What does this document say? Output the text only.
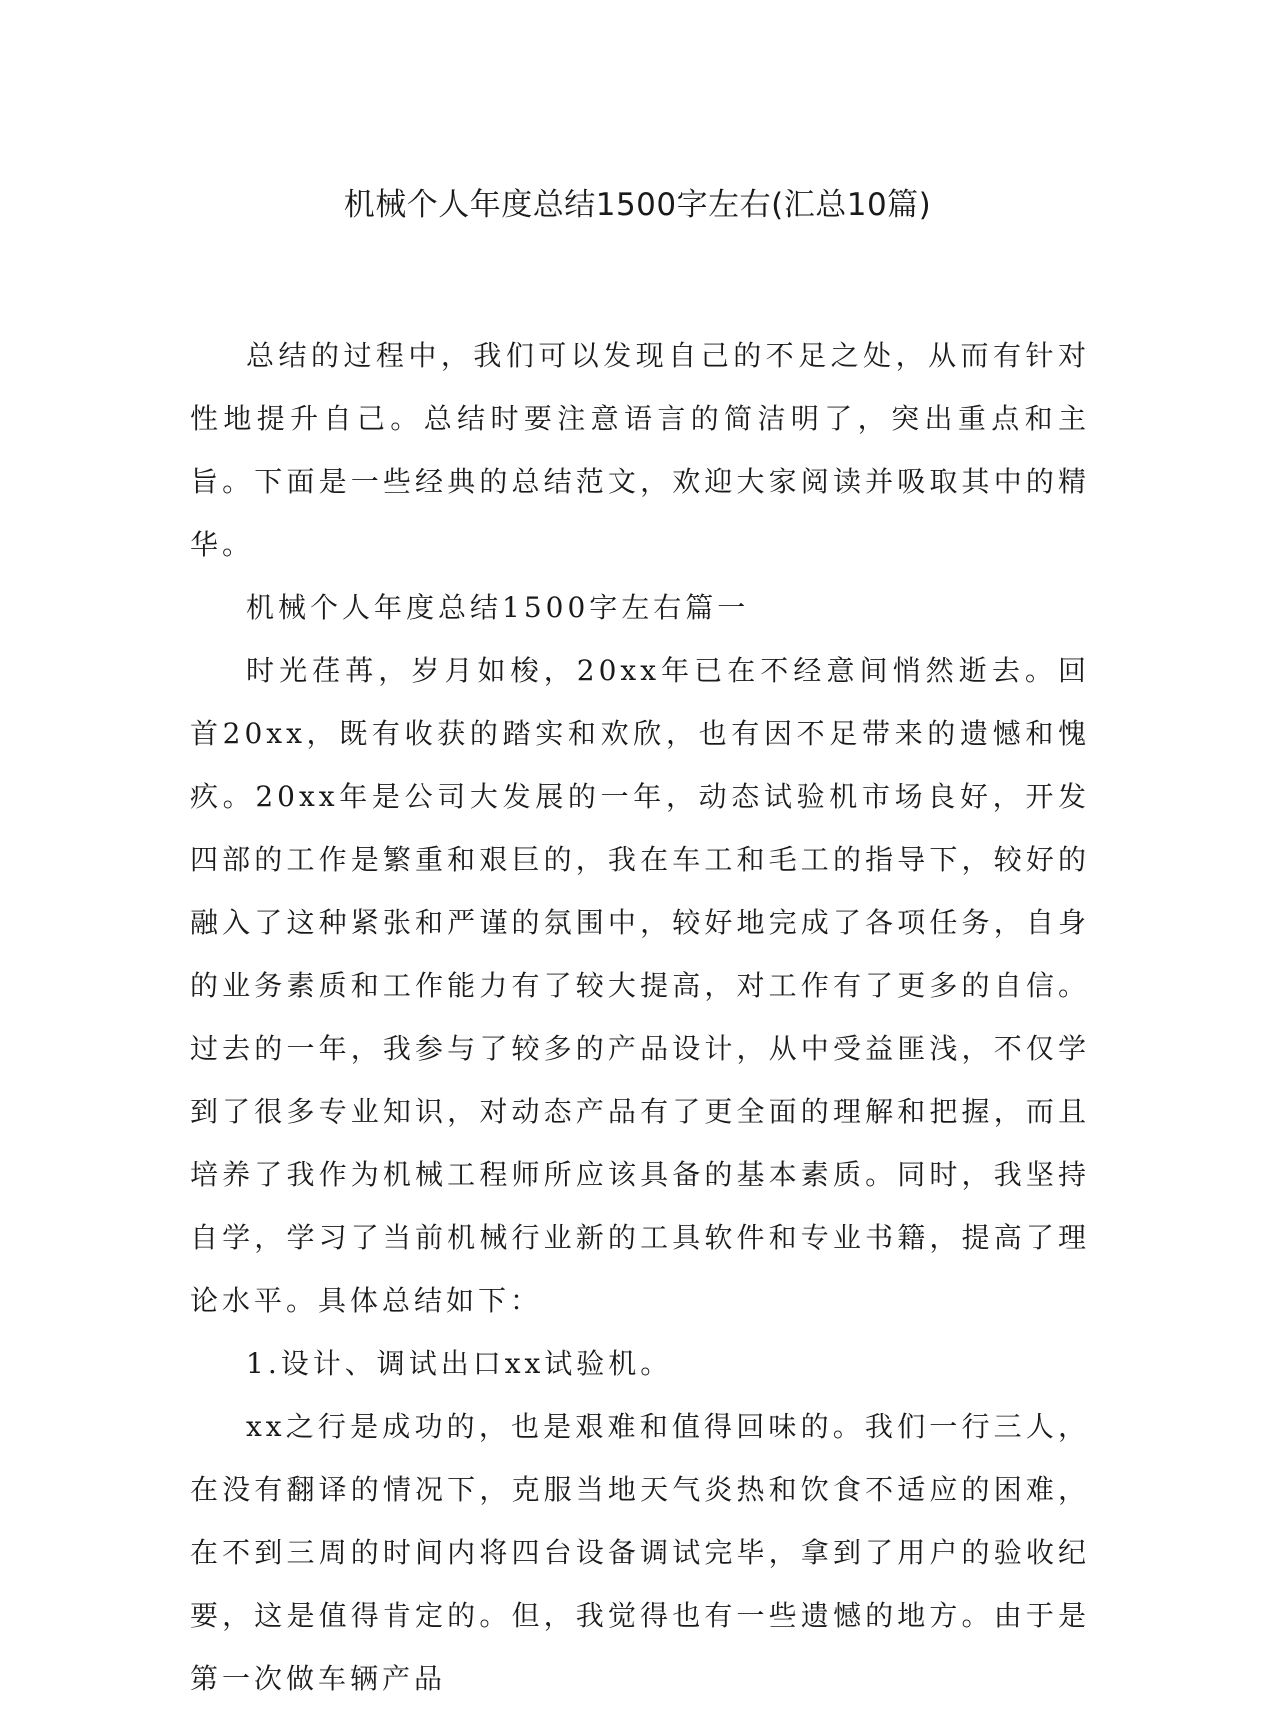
机械个人年度总结1500字左右(汇总10篇)

总结的过程中，我们可以发现自己的不足之处，从而有针对性地提升自己。总结时要注意语言的简洁明了，突出重点和主旨。下面是一些经典的总结范文，欢迎大家阅读并吸取其中的精华。

机械个人年度总结1500字左右篇一

时光荏苒，岁月如梭，20xx年已在不经意间悄然逝去。回首20xx，既有收获的踏实和欢欣，也有因不足带来的遗憾和愧疚。20xx年是公司大发展的一年，动态试验机市场良好，开发四部的工作是繁重和艰巨的，我在车工和毛工的指导下，较好的融入了这种紧张和严谨的氛围中，较好地完成了各项任务，自身的业务素质和工作能力有了较大提高，对工作有了更多的自信。过去的一年，我参与了较多的产品设计，从中受益匪浅，不仅学到了很多专业知识，对动态产品有了更全面的理解和把握，而且培养了我作为机械工程师所应该具备的基本素质。同时，我坚持自学，学习了当前机械行业新的工具软件和专业书籍，提高了理论水平。具体总结如下：

1.设计、调试出口xx试验机。

xx之行是成功的，也是艰难和值得回味的。我们一行三人，在没有翻译的情况下，克服当地天气炎热和饮食不适应的困难，在不到三周的时间内将四台设备调试完毕，拿到了用户的验收纪要，这是值得肯定的。但，我觉得也有一些遗憾的地方。由于是第一次做车辆产品
